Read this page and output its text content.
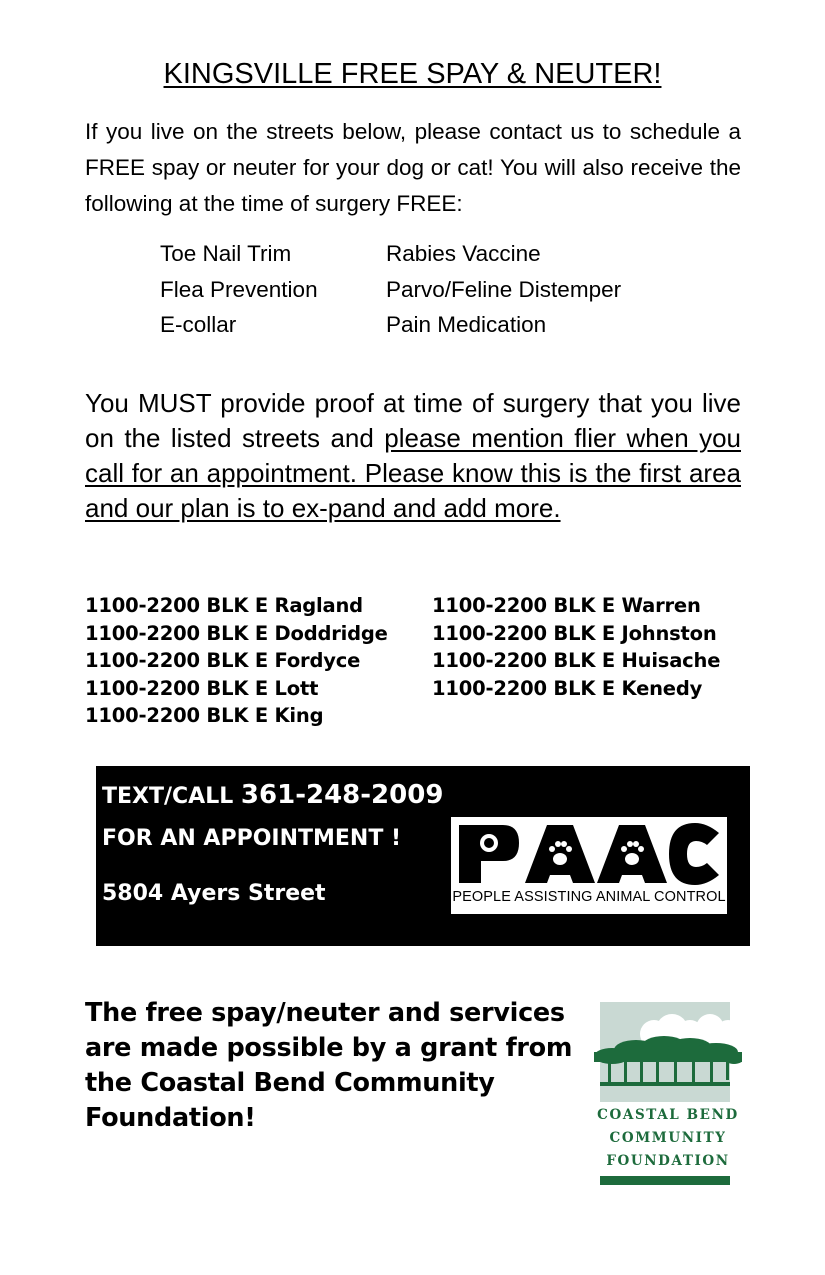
KINGSVILLE FREE SPAY & NEUTER!
If you live on the streets below, please contact us to schedule a FREE spay or neuter for your dog or cat! You will also receive the following at the time of surgery FREE:
Toe Nail Trim	Rabies Vaccine
Flea Prevention	Parvo/Feline Distemper
E-collar	Pain Medication
You MUST provide proof at time of surgery that you live on the listed streets and please mention flier when you call for an appointment. Please know this is the first area and our plan is to ex-pand and add more.
1100-2200 BLK E Ragland	1100-2200 BLK E Warren
1100-2200 BLK E Doddridge	1100-2200 BLK E Johnston
1100-2200 BLK E Fordyce	1100-2200 BLK E Huisache
1100-2200 BLK E Lott	1100-2200 BLK E Kenedy
1100-2200 BLK E King
TEXT/CALL 361-248-2009
FOR AN APPOINTMENT !
5804 Ayers Street	PEOPLE ASSISTING ANIMAL CONTROL
The free spay/neuter and services are made possible by a grant from the Coastal Bend Community Foundation!	COASTAL BEND
COMMUNITY
FOUNDATION
